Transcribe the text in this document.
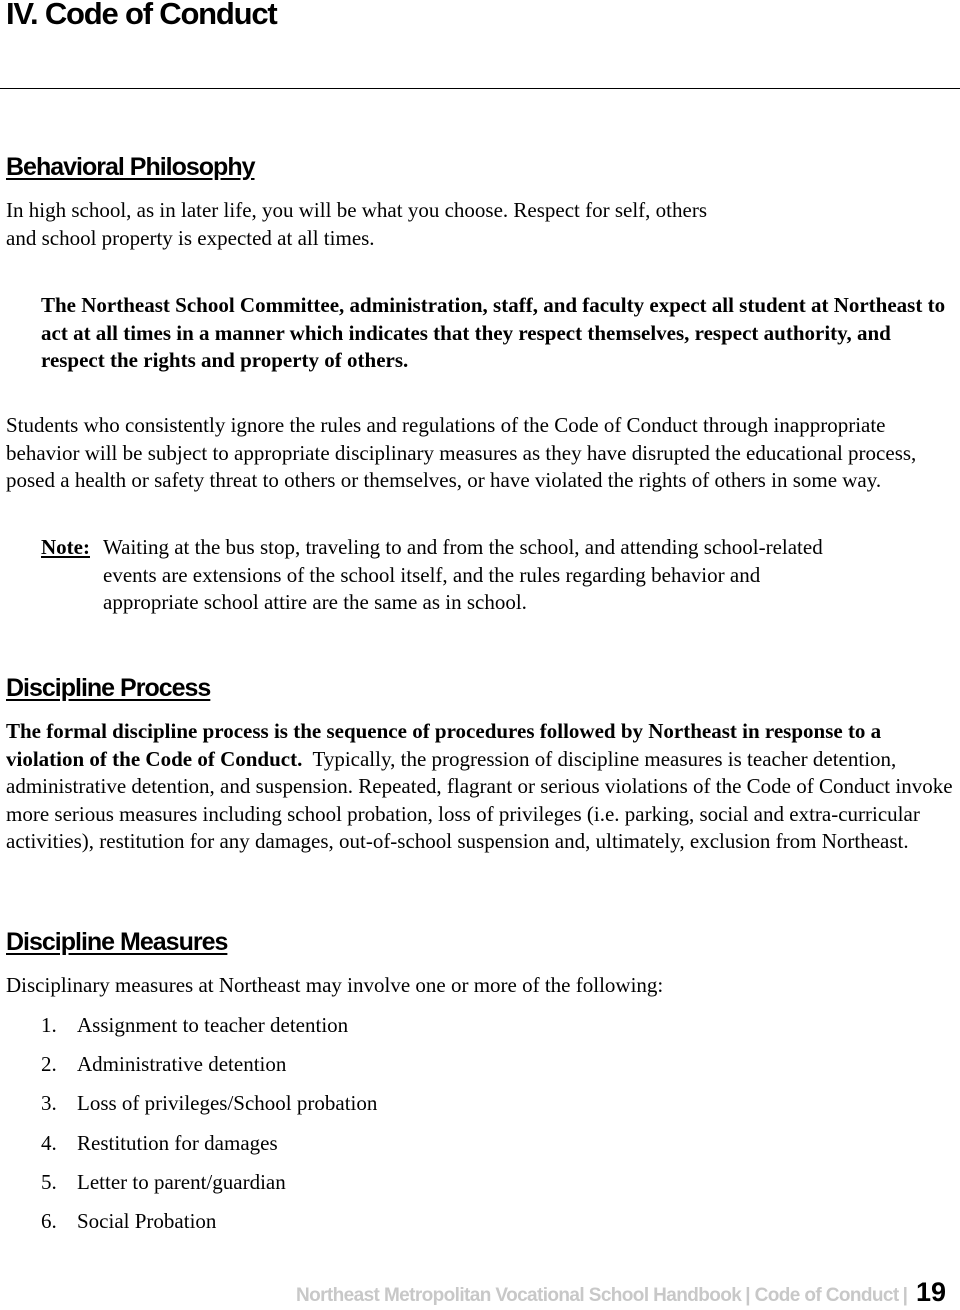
IV. Code of Conduct
Behavioral Philosophy

In high school, as in later life, you will be what you choose. Respect for self, others
and school property is expected at all times.

The Northeast School Committee, administration, staff, and faculty expect all student at Northeast to act at all times in a manner which indicates that they respect themselves, respect authority, and respect the rights and property of others.

Students who consistently ignore the rules and regulations of the Code of Conduct through inappropriate behavior will be subject to appropriate disciplinary measures as they have disrupted the educational process, posed a health or safety threat to others or themselves, or have violated the rights of others in some way.

Note: Waiting at the bus stop, traveling to and from the school, and attending school-related events are extensions of the school itself, and the rules regarding behavior and appropriate school attire are the same as in school.
Discipline Process

The formal discipline process is the sequence of procedures followed by Northeast in response to a violation of the Code of Conduct. Typically, the progression of discipline measures is teacher detention, administrative detention, and suspension. Repeated, flagrant or serious violations of the Code of Conduct invoke more serious measures including school probation, loss of privileges (i.e. parking, social and extra-curricular activities), restitution for any damages, out-of-school suspension and, ultimately, exclusion from Northeast.

Discipline Measures

Disciplinary measures at Northeast may involve one or more of the following:

1. Assignment to teacher detention
2. Administrative detention
3. Loss of privileges/School probation
4. Restitution for damages
5. Letter to parent/guardian
6. Social Probation
Northeast Metropolitan Vocational School Handbook | Code of Conduct | 19
